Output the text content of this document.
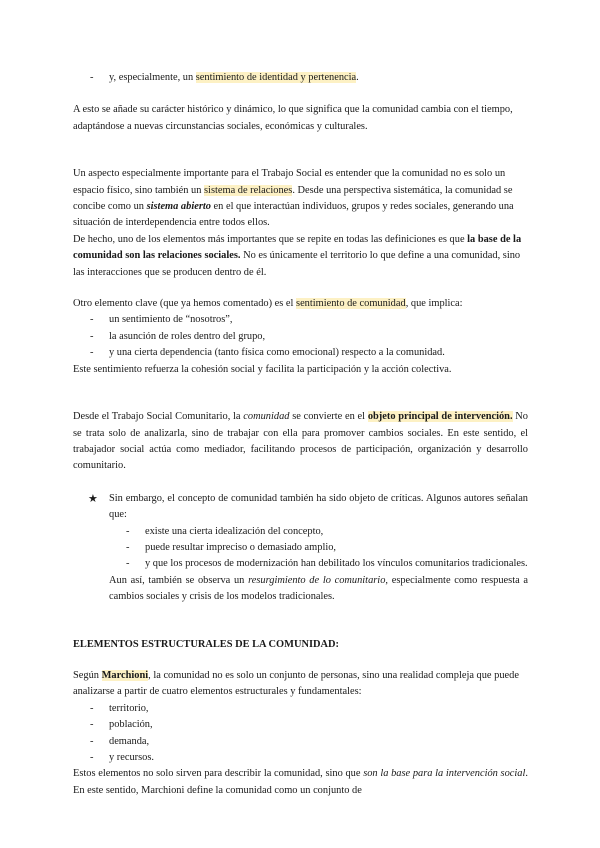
- y, especialmente, un sentimiento de identidad y pertenencia.

A esto se añade su carácter histórico y dinámico, lo que significa que la comunidad cambia con el tiempo, adaptándose a nuevas circunstancias sociales, económicas y culturales.

Un aspecto especialmente importante para el Trabajo Social es entender que la comunidad no es solo un espacio físico, sino también un sistema de relaciones. Desde una perspectiva sistemática, la comunidad se concibe como un sistema abierto en el que interactúan individuos, grupos y redes sociales, generando una situación de interdependencia entre todos ellos.
De hecho, uno de los elementos más importantes que se repite en todas las definiciones es que la base de la comunidad son las relaciones sociales. No es únicamente el territorio lo que define a una comunidad, sino las interacciones que se producen dentro de él.

Otro elemento clave (que ya hemos comentado) es el sentimiento de comunidad, que implica:

- un sentimiento de “nosotros”,
- la asunción de roles dentro del grupo,
- y una cierta dependencia (tanto física como emocional) respecto a la comunidad.

Este sentimiento refuerza la cohesión social y facilita la participación y la acción colectiva.

Desde el Trabajo Social Comunitario, la comunidad se convierte en el objeto principal de intervención. No se trata solo de analizarla, sino de trabajar con ella para promover cambios sociales. En este sentido, el trabajador social actúa como mediador, facilitando procesos de participación, organización y desarrollo comunitario.

★ Sin embargo, el concepto de comunidad también ha sido objeto de críticas. Algunos autores señalan que:

- existe una cierta idealización del concepto,
- puede resultar impreciso o demasiado amplio,
- y que los procesos de modernización han debilitado los vínculos comunitarios tradicionales.

Aun así, también se observa un resurgimiento de lo comunitario, especialmente como respuesta a cambios sociales y crisis de los modelos tradicionales.

ELEMENTOS ESTRUCTURALES DE LA COMUNIDAD:

Según Marchioni, la comunidad no es solo un conjunto de personas, sino una realidad compleja que puede analizarse a partir de cuatro elementos estructurales y fundamentales:

- territorio,
- población,
- demanda,
- y recursos.

Estos elementos no solo sirven para describir la comunidad, sino que son la base para la intervención social. En este sentido, Marchioni define la comunidad como un conjunto de
